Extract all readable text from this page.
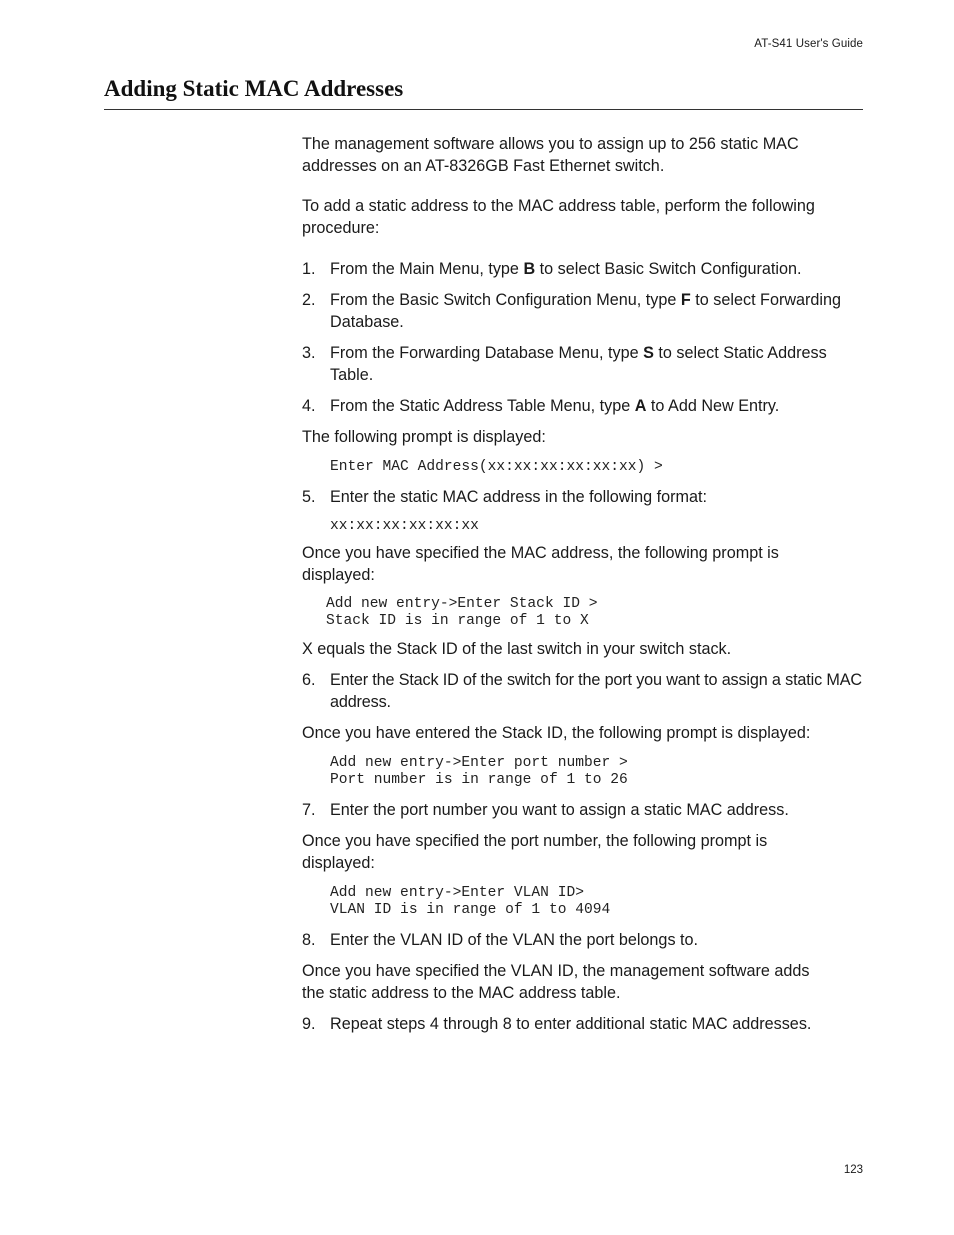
AT-S41 User's Guide
Adding Static MAC Addresses

The management software allows you to assign up to 256 static MAC addresses on an AT-8326GB Fast Ethernet switch.

To add a static address to the MAC address table, perform the following procedure:

1. From the Main Menu, type B to select Basic Switch Configuration.
2. From the Basic Switch Configuration Menu, type F to select Forwarding Database.
3. From the Forwarding Database Menu, type S to select Static Address Table.
4. From the Static Address Table Menu, type A to Add New Entry.

The following prompt is displayed:

Enter MAC Address(xx:xx:xx:xx:xx:xx) >
5. Enter the static MAC address in the following format:
xx:xx:xx:xx:xx:xx

Once you have specified the MAC address, the following prompt is displayed:

Add new entry->Enter Stack ID >
Stack ID is in range of 1 to X

X equals the Stack ID of the last switch in your switch stack.

6. Enter the Stack ID of the switch for the port you want to assign a static MAC address.

Once you have entered the Stack ID, the following prompt is displayed:

Add new entry->Enter port number >
Port number is in range of 1 to 26
7. Enter the port number you want to assign a static MAC address.

Once you have specified the port number, the following prompt is displayed:

Add new entry->Enter VLAN ID>
VLAN ID is in range of 1 to 4094
8. Enter the VLAN ID of the VLAN the port belongs to.

Once you have specified the VLAN ID, the management software adds the static address to the MAC address table.

9. Repeat steps 4 through 8 to enter additional static MAC addresses.
123
